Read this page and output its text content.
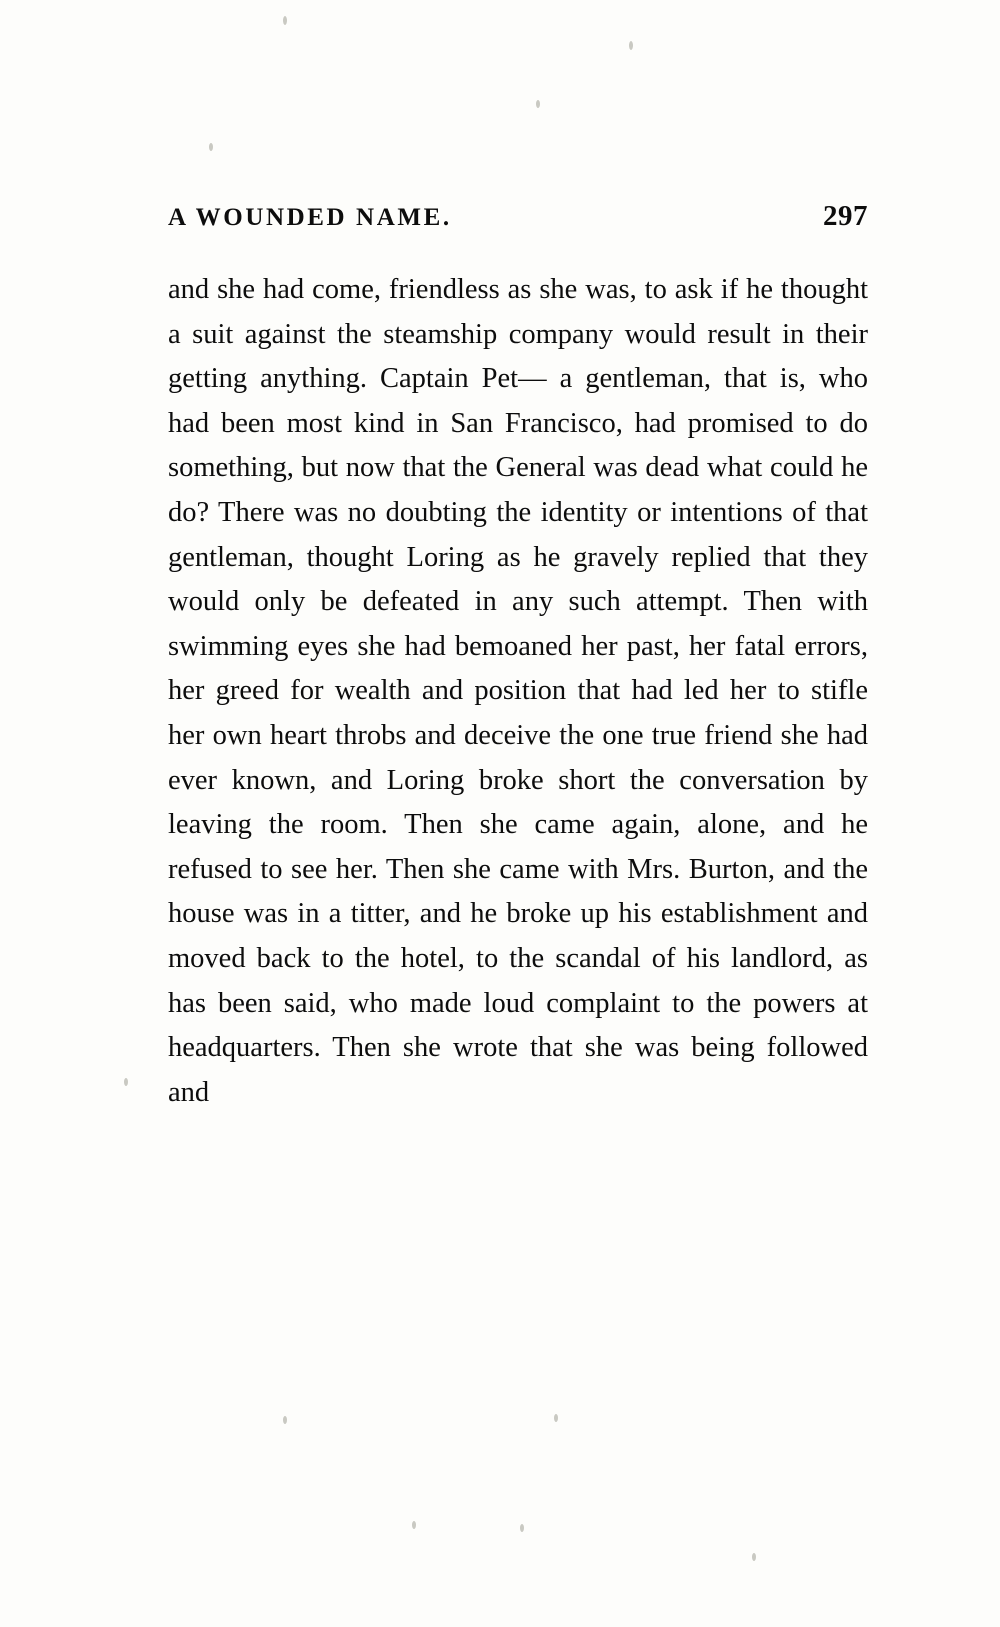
A WOUNDED NAME.	297

and she had come, friendless as she was, to ask if he thought a suit against the steamship company would result in their getting anything. Captain Pet— a gentleman, that is, who had been most kind in San Francisco, had promised to do something, but now that the General was dead what could he do? There was no doubting the identity or intentions of that gentleman, thought Loring as he gravely replied that they would only be defeated in any such attempt. Then with swimming eyes she had bemoaned her past, her fatal errors, her greed for wealth and position that had led her to stifle her own heart throbs and deceive the one true friend she had ever known, and Loring broke short the conversation by leaving the room. Then she came again, alone, and he refused to see her. Then she came with Mrs. Burton, and the house was in a titter, and he broke up his establishment and moved back to the hotel, to the scandal of his landlord, as has been said, who made loud complaint to the powers at headquarters. Then she wrote that she was being followed and
